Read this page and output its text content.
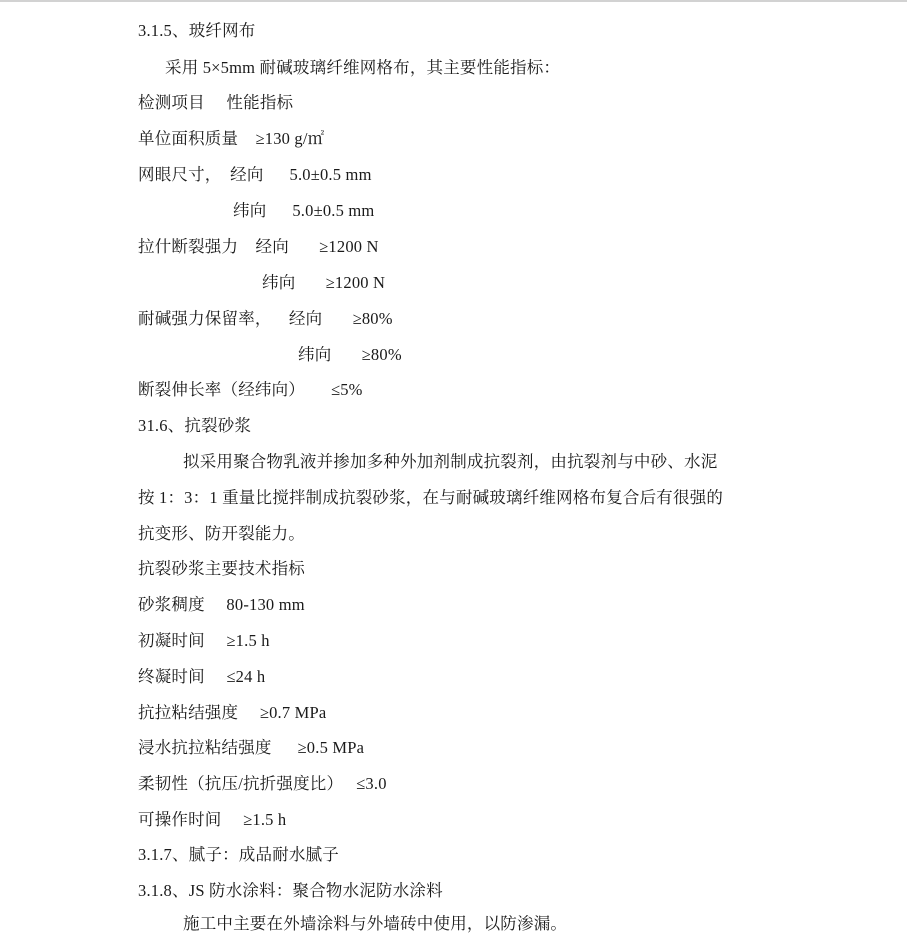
3.1.5、玻纤网布
采用 5×5mm 耐碱玻璃纤维网格布，其主要性能指标：
检测项目     性能指标
单位面积质量    ≥130 g/㎡
网眼尺寸，  经向      5.0±0.5 mm
纬向      5.0±0.5 mm
拉什断裂强力    经向       ≥1200 N
纬向       ≥1200 N
耐碱强力保留率，    经向       ≥80%
纬向       ≥80%
断裂伸长率（经纬向）      ≤5%
31.6、抗裂砂浆
拟采用聚合物乳液并掺加多种外加剂制成抗裂剂，由抗裂剂与中砂、水泥
按 1：3：1 重量比搅拌制成抗裂砂浆，在与耐碱玻璃纤维网格布复合后有很强的
抗变形、防开裂能力。
抗裂砂浆主要技术指标
砂浆稠度     80-130 mm
初凝时间     ≥1.5 h
终凝时间     ≤24 h
抗拉粘结强度     ≥0.7 MPa
浸水抗拉粘结强度      ≥0.5 MPa
柔韧性（抗压/抗折强度比）   ≤3.0
可操作时间     ≥1.5 h
3.1.7、腻子：成品耐水腻子
3.1.8、JS 防水涂料：聚合物水泥防水涂料
施工中主要在外墙涂料与外墙砖中使用，以防渗漏。
